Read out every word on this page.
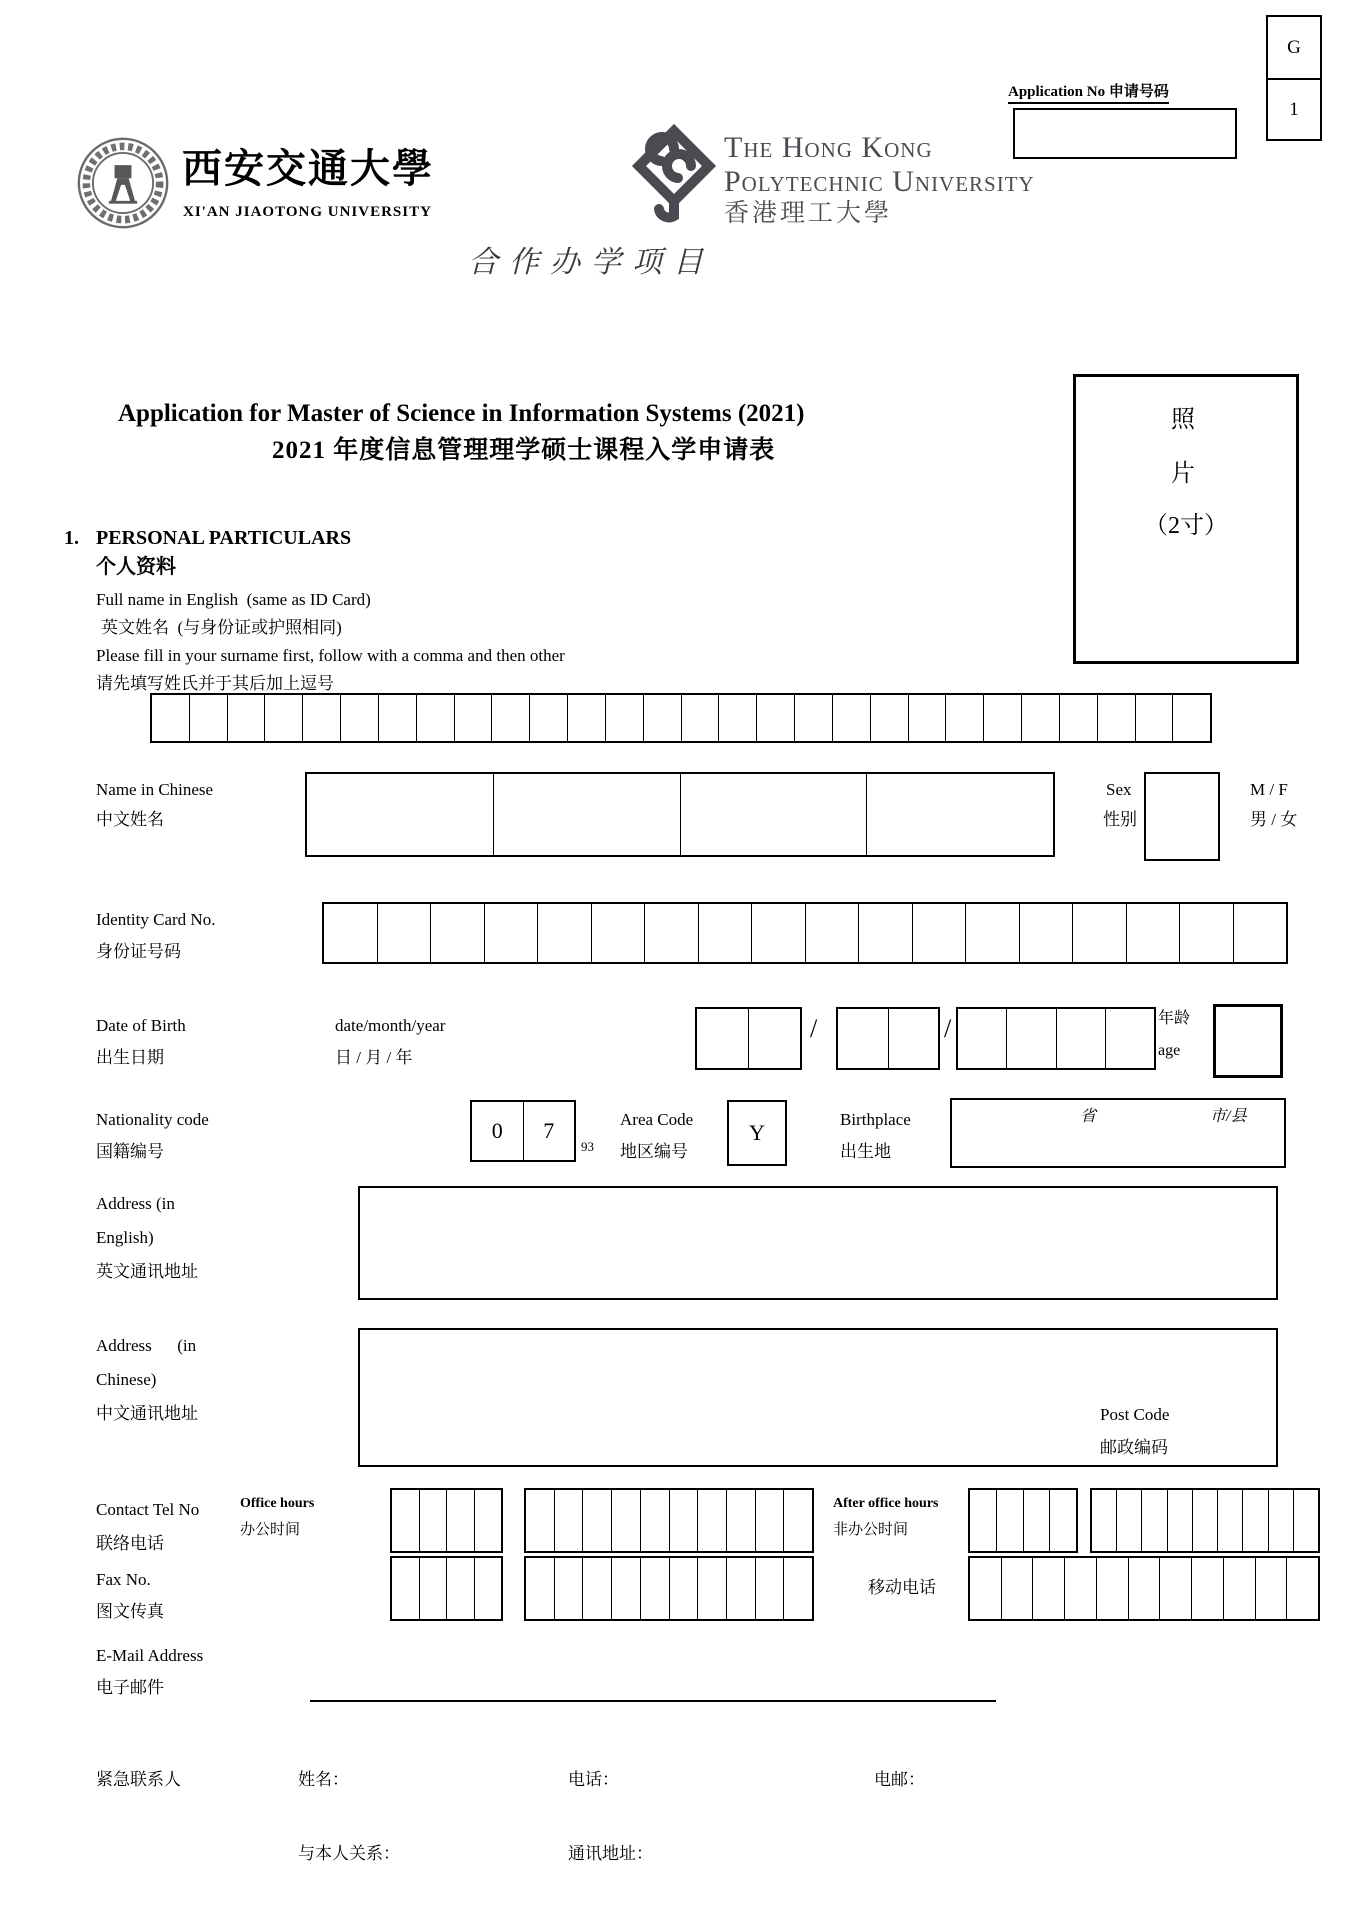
G
1
Application No 申请号码
西安交通大學
XI'AN JIAOTONG UNIVERSITY
The Hong Kong
Polytechnic University
香港理工大學
合作办学项目
Application for Master of Science in Information Systems (2021)
2021 年度信息管理理学硕士课程入学申请表
照
片
（2寸）
1. PERSONAL PARTICULARS
个人资料
Full name in English  (same as ID Card)
英文姓名  (与身份证或护照相同)
Please fill in your surname first, follow with a comma and then other
请先填写姓氏并于其后加上逗号
Name in Chinese
中文姓名
Sex
性别
M / F
男 / 女
Identity Card No.
身份证号码
Date of Birth
出生日期
date/month/year
日 / 月 / 年
/	/	年龄
age
Nationality code
国籍编号
0	7
93
Area Code
地区编号
Y
Birthplace
出生地
省	市/县
Address (in
English)
英文通讯地址
Address      (in
Chinese)
中文通讯地址	Post Code
邮政编码
Contact Tel No
联络电话
Office hours
办公时间
After office hours
非办公时间
Fax No.
图文传真
移动电话
E-Mail Address
电子邮件
紧急联系人	姓名：	电话：	电邮：
与本人关系：	通讯地址：
